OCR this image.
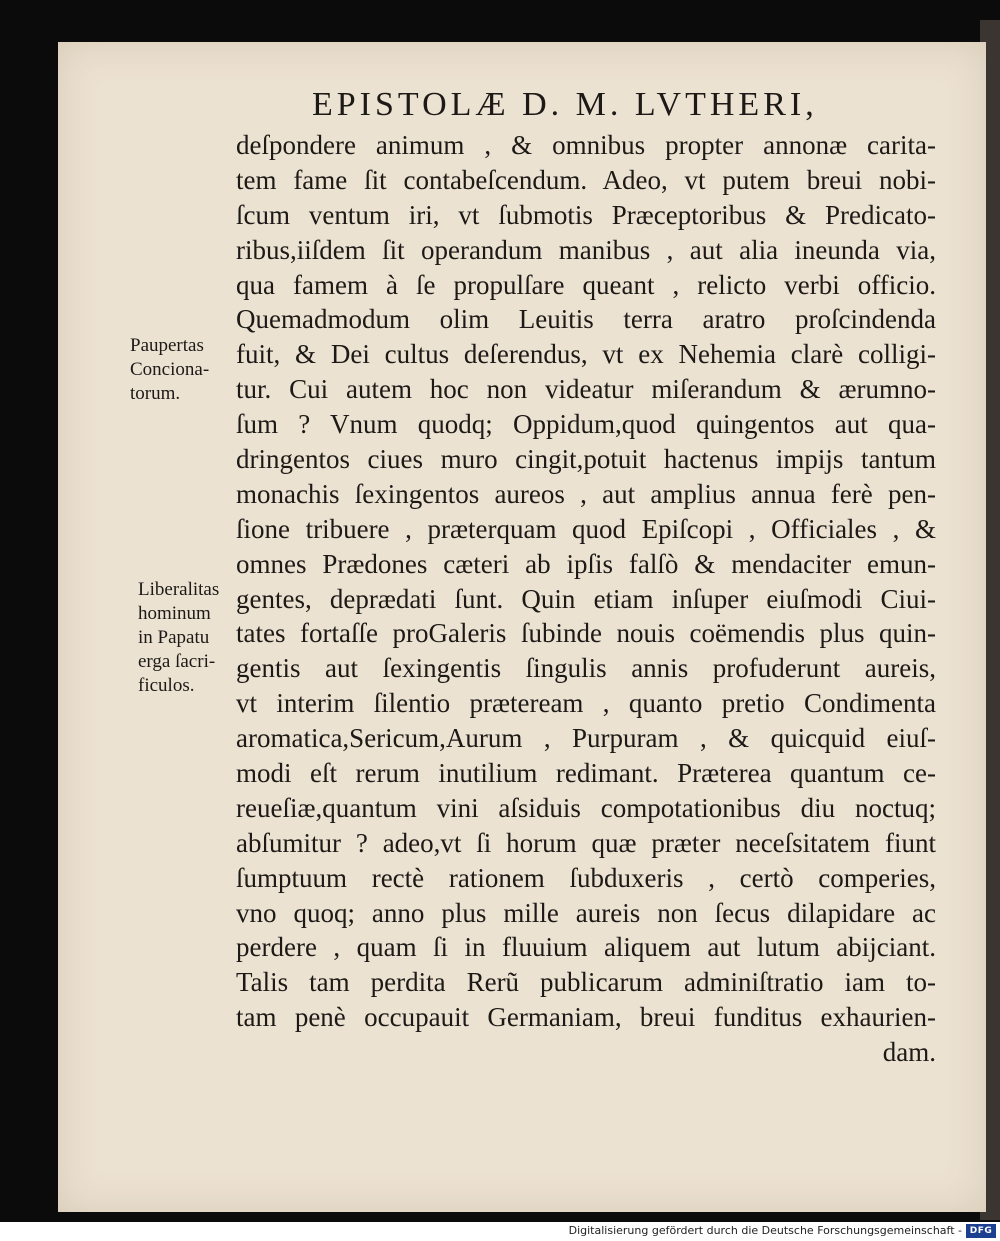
EPISTOLÆ D. M. LVTHERI,
Paupertas
Conciona-
torum.
Liberalitas
hominum
in Papatu
erga ſacri-
ficulos.
deſpondere animum , & omnibus propter annonæ carita-
tem fame ſit contabeſcendum. Adeo, vt putem breui nobi-
ſcum ventum iri, vt ſubmotis Præceptoribus & Predicato-
ribus,iiſdem ſit operandum manibus , aut alia ineunda via,
qua famem à ſe propulſare queant , relicto verbi officio.
Quemadmodum olim Leuitis terra aratro proſcindenda
fuit, & Dei cultus deſerendus, vt ex Nehemia clarè colligi-
tur. Cui autem hoc non videatur miſerandum & ærumno-
ſum ? Vnum quodq; Oppidum,quod quingentos aut qua-
dringentos ciues muro cingit,potuit hactenus impijs tantum
monachis ſexingentos aureos , aut amplius annua ferè pen-
ſione tribuere , præterquam quod Epiſcopi , Officiales , &
omnes Prædones cæteri ab ipſis falſò & mendaciter emun-
gentes, deprædati ſunt. Quin etiam inſuper eiuſmodi Ciui-
tates fortaſſe proGaleris ſubinde nouis coëmendis plus quin-
gentis aut ſexingentis ſingulis annis profuderunt aureis,
vt interim ſilentio præteream , quanto pretio Condimenta
aromatica,Sericum,Aurum , Purpuram , & quicquid eiuſ-
modi eſt rerum inutilium redimant. Præterea quantum ce-
reueſiæ,quantum vini aſsiduis compotationibus diu noctuq;
abſumitur ? adeo,vt ſi horum quæ præter neceſsitatem fiunt
ſumptuum rectè rationem ſubduxeris , certò comperies,
vno quoq; anno plus mille aureis non ſecus dilapidare ac
perdere , quam ſi in fluuium aliquem aut lutum abijciant.
Talis tam perdita Rerũ publicarum adminiſtratio iam to-
tam penè occupauit Germaniam, breui funditus exhaurien-
dam.
Digitalisierung gefördert durch die Deutsche Forschungsgemeinschaft - DFG
